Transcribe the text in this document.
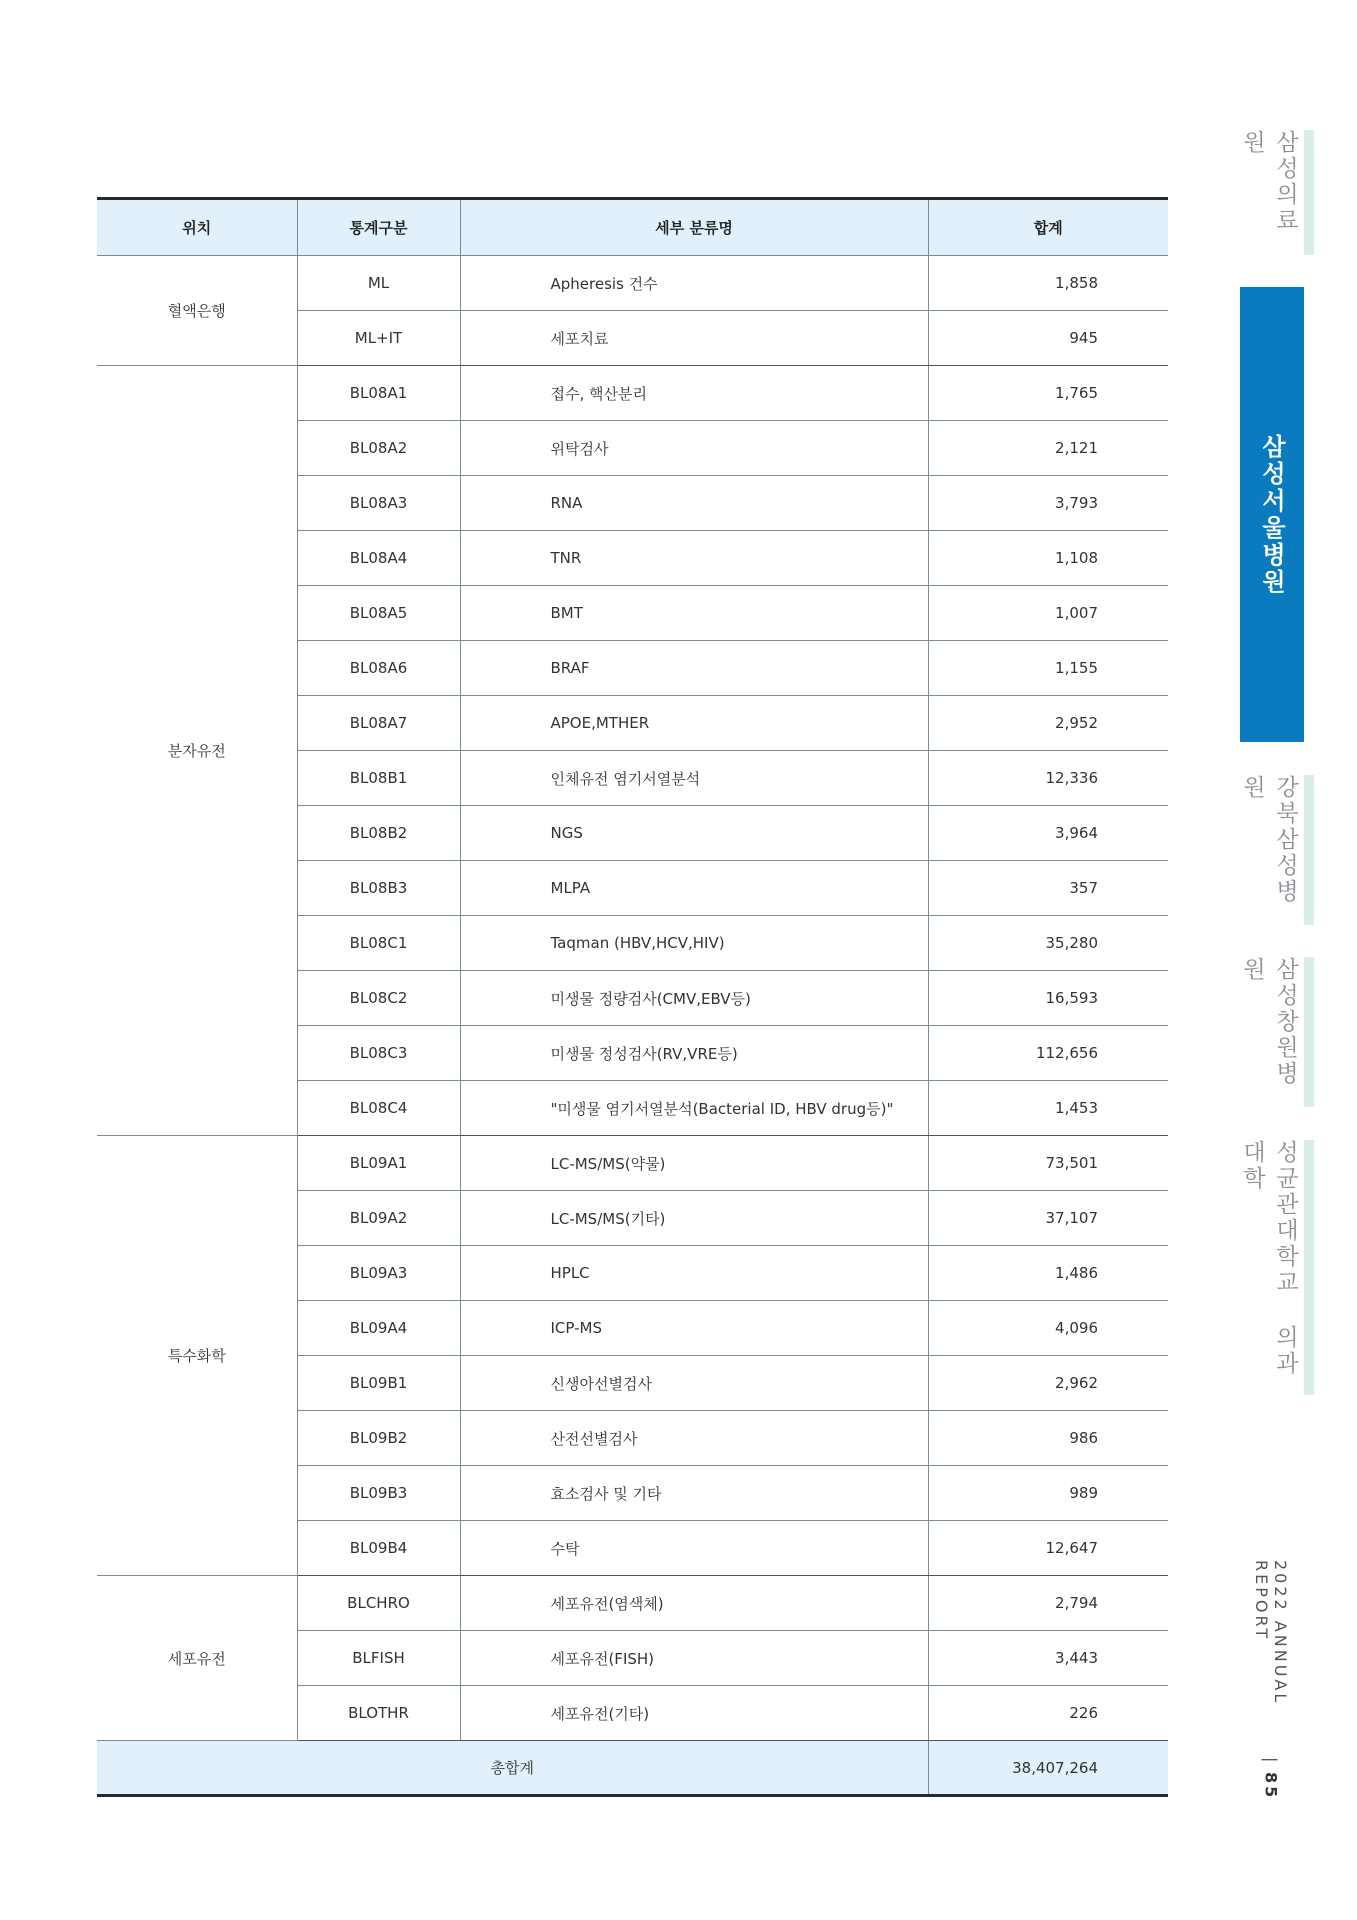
위치	통계구분	세부 분류명	합계
혈액은행	ML	Apheresis 건수	1,858
	ML+IT	세포치료	945
분자유전	BL08A1	접수, 핵산분리	1,765
	BL08A2	위탁검사	2,121
	BL08A3	RNA	3,793
	BL08A4	TNR	1,108
	BL08A5	BMT	1,007
	BL08A6	BRAF	1,155
	BL08A7	APOE,MTHER	2,952
	BL08B1	인체유전 염기서열분석	12,336
	BL08B2	NGS	3,964
	BL08B3	MLPA	357
	BL08C1	Taqman (HBV,HCV,HIV)	35,280
	BL08C2	미생물 정량검사(CMV,EBV등)	16,593
	BL08C3	미생물 정성검사(RV,VRE등)	112,656
	BL08C4	"미생물 염기서열분석(Bacterial ID, HBV drug등)"	1,453
특수화학	BL09A1	LC-MS/MS(약물)	73,501
	BL09A2	LC-MS/MS(기타)	37,107
	BL09A3	HPLC	1,486
	BL09A4	ICP-MS	4,096
	BL09B1	신생아선별검사	2,962
	BL09B2	산전선별검사	986
	BL09B3	효소검사 및 기타	989
	BL09B4	수탁	12,647
세포유전	BLCHRO	세포유전(염색체)	2,794
	BLFISH	세포유전(FISH)	3,443
	BLOTHR	세포유전(기타)	226
총합계			38,407,264
삼성의료원
삼성서울병원
강북삼성병원
삼성창원병원
성균관대학교 의과대학
2022 ANNUAL REPORT
|
85
